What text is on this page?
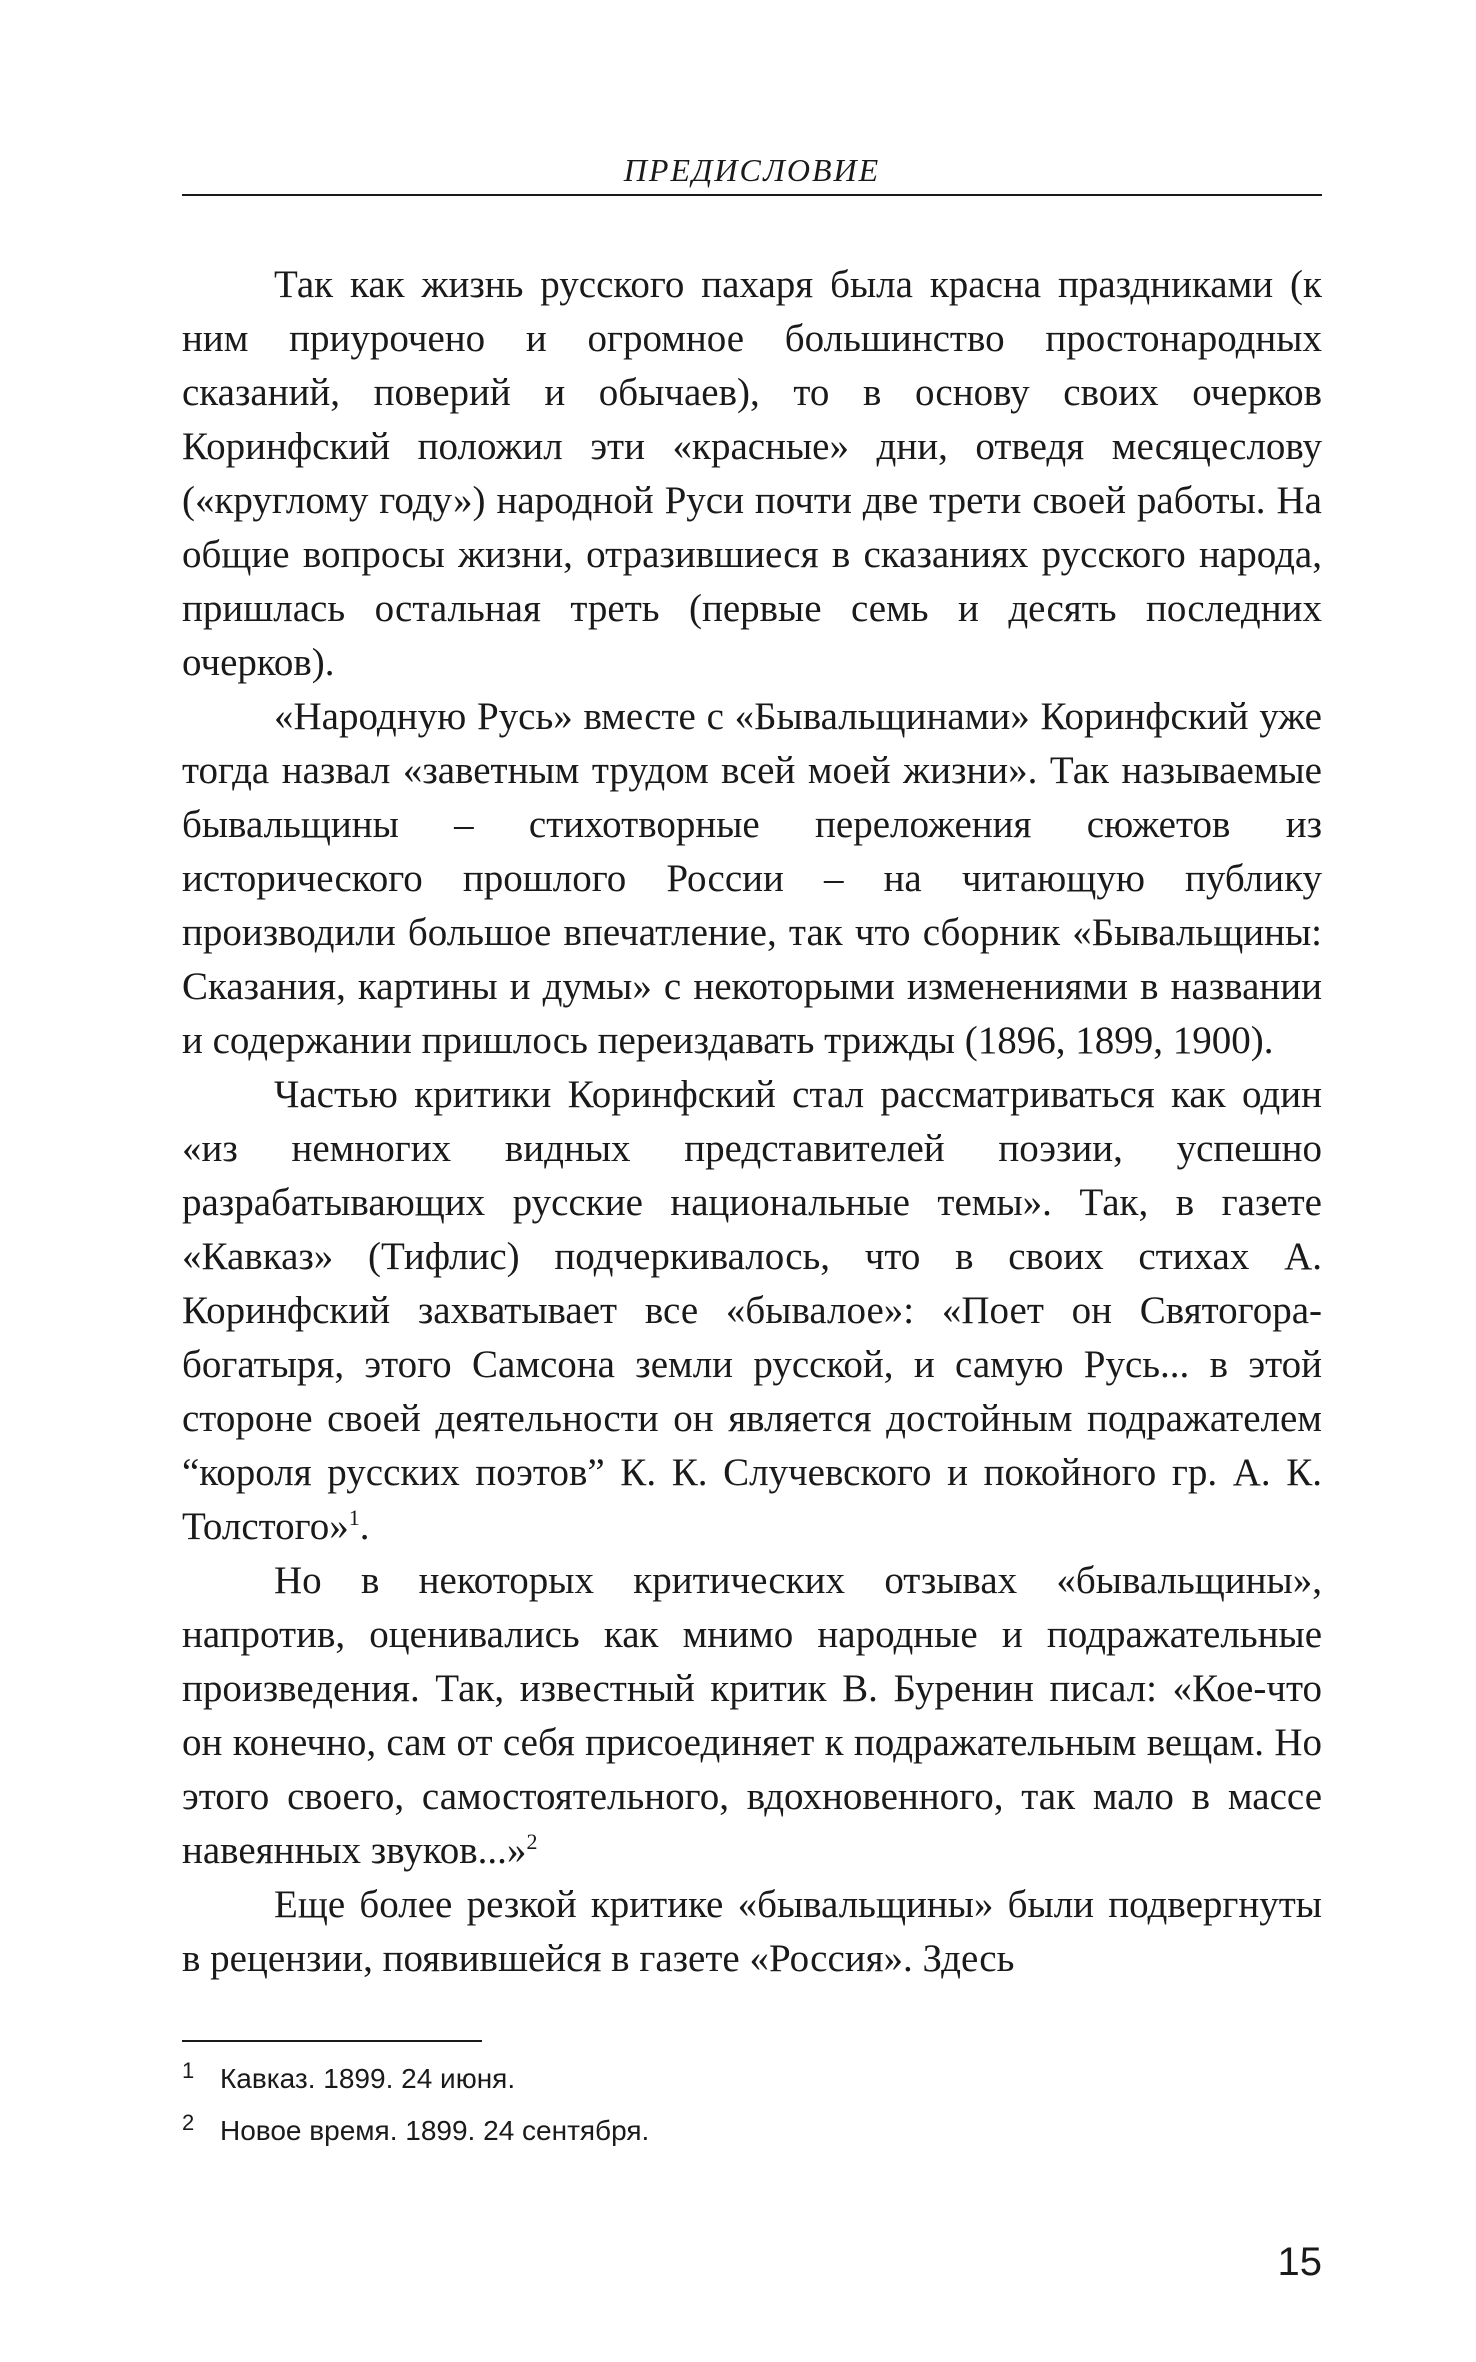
ПРЕДИСЛОВИЕ

Так как жизнь русского пахаря была красна праздниками (к ним приурочено и огромное большинство простонародных сказаний, поверий и обычаев), то в основу своих очерков Коринфский положил эти «красные» дни, отведя месяцеслову («круглому году») народной Руси почти две трети своей работы. На общие вопросы жизни, отразившиеся в сказаниях русского народа, пришлась остальная треть (первые семь и десять последних очерков).

«Народную Русь» вместе с «Бывальщинами» Коринфский уже тогда назвал «заветным трудом всей моей жизни». Так называемые бывальщины – стихотворные переложения сюжетов из исторического прошлого России – на читающую публику производили большое впечатление, так что сборник «Бывальщины: Сказания, картины и думы» с некоторыми изменениями в названии и содержании пришлось переиздавать трижды (1896, 1899, 1900).

Частью критики Коринфский стал рассматриваться как один «из немногих видных представителей поэзии, успешно разрабатывающих русские национальные темы». Так, в газете «Кавказ» (Тифлис) подчеркивалось, что в своих стихах А. Коринфский захватывает все «бывалое»: «Поет он Святогора-богатыря, этого Самсона земли русской, и самую Русь... в этой стороне своей деятельности он является достойным подражателем “короля русских поэтов” К. К. Случевского и покойного гр. А. К. Толстого»$^1$.

Но в некоторых критических отзывах «бывальщины», напротив, оценивались как мнимо народные и подражательные произведения. Так, известный критик В. Буренин писал: «Кое-что он конечно, сам от себя присоединяет к подражательным вещам. Но этого своего, самостоятельного, вдохновенного, так мало в массе навеянных звуков...»$^2$

Еще более резкой критике «бывальщины» были подвергнуты в рецензии, появившейся в газете «Россия». Здесь

1 Кавказ. 1899. 24 июня.
2 Новое время. 1899. 24 сентября.
15
